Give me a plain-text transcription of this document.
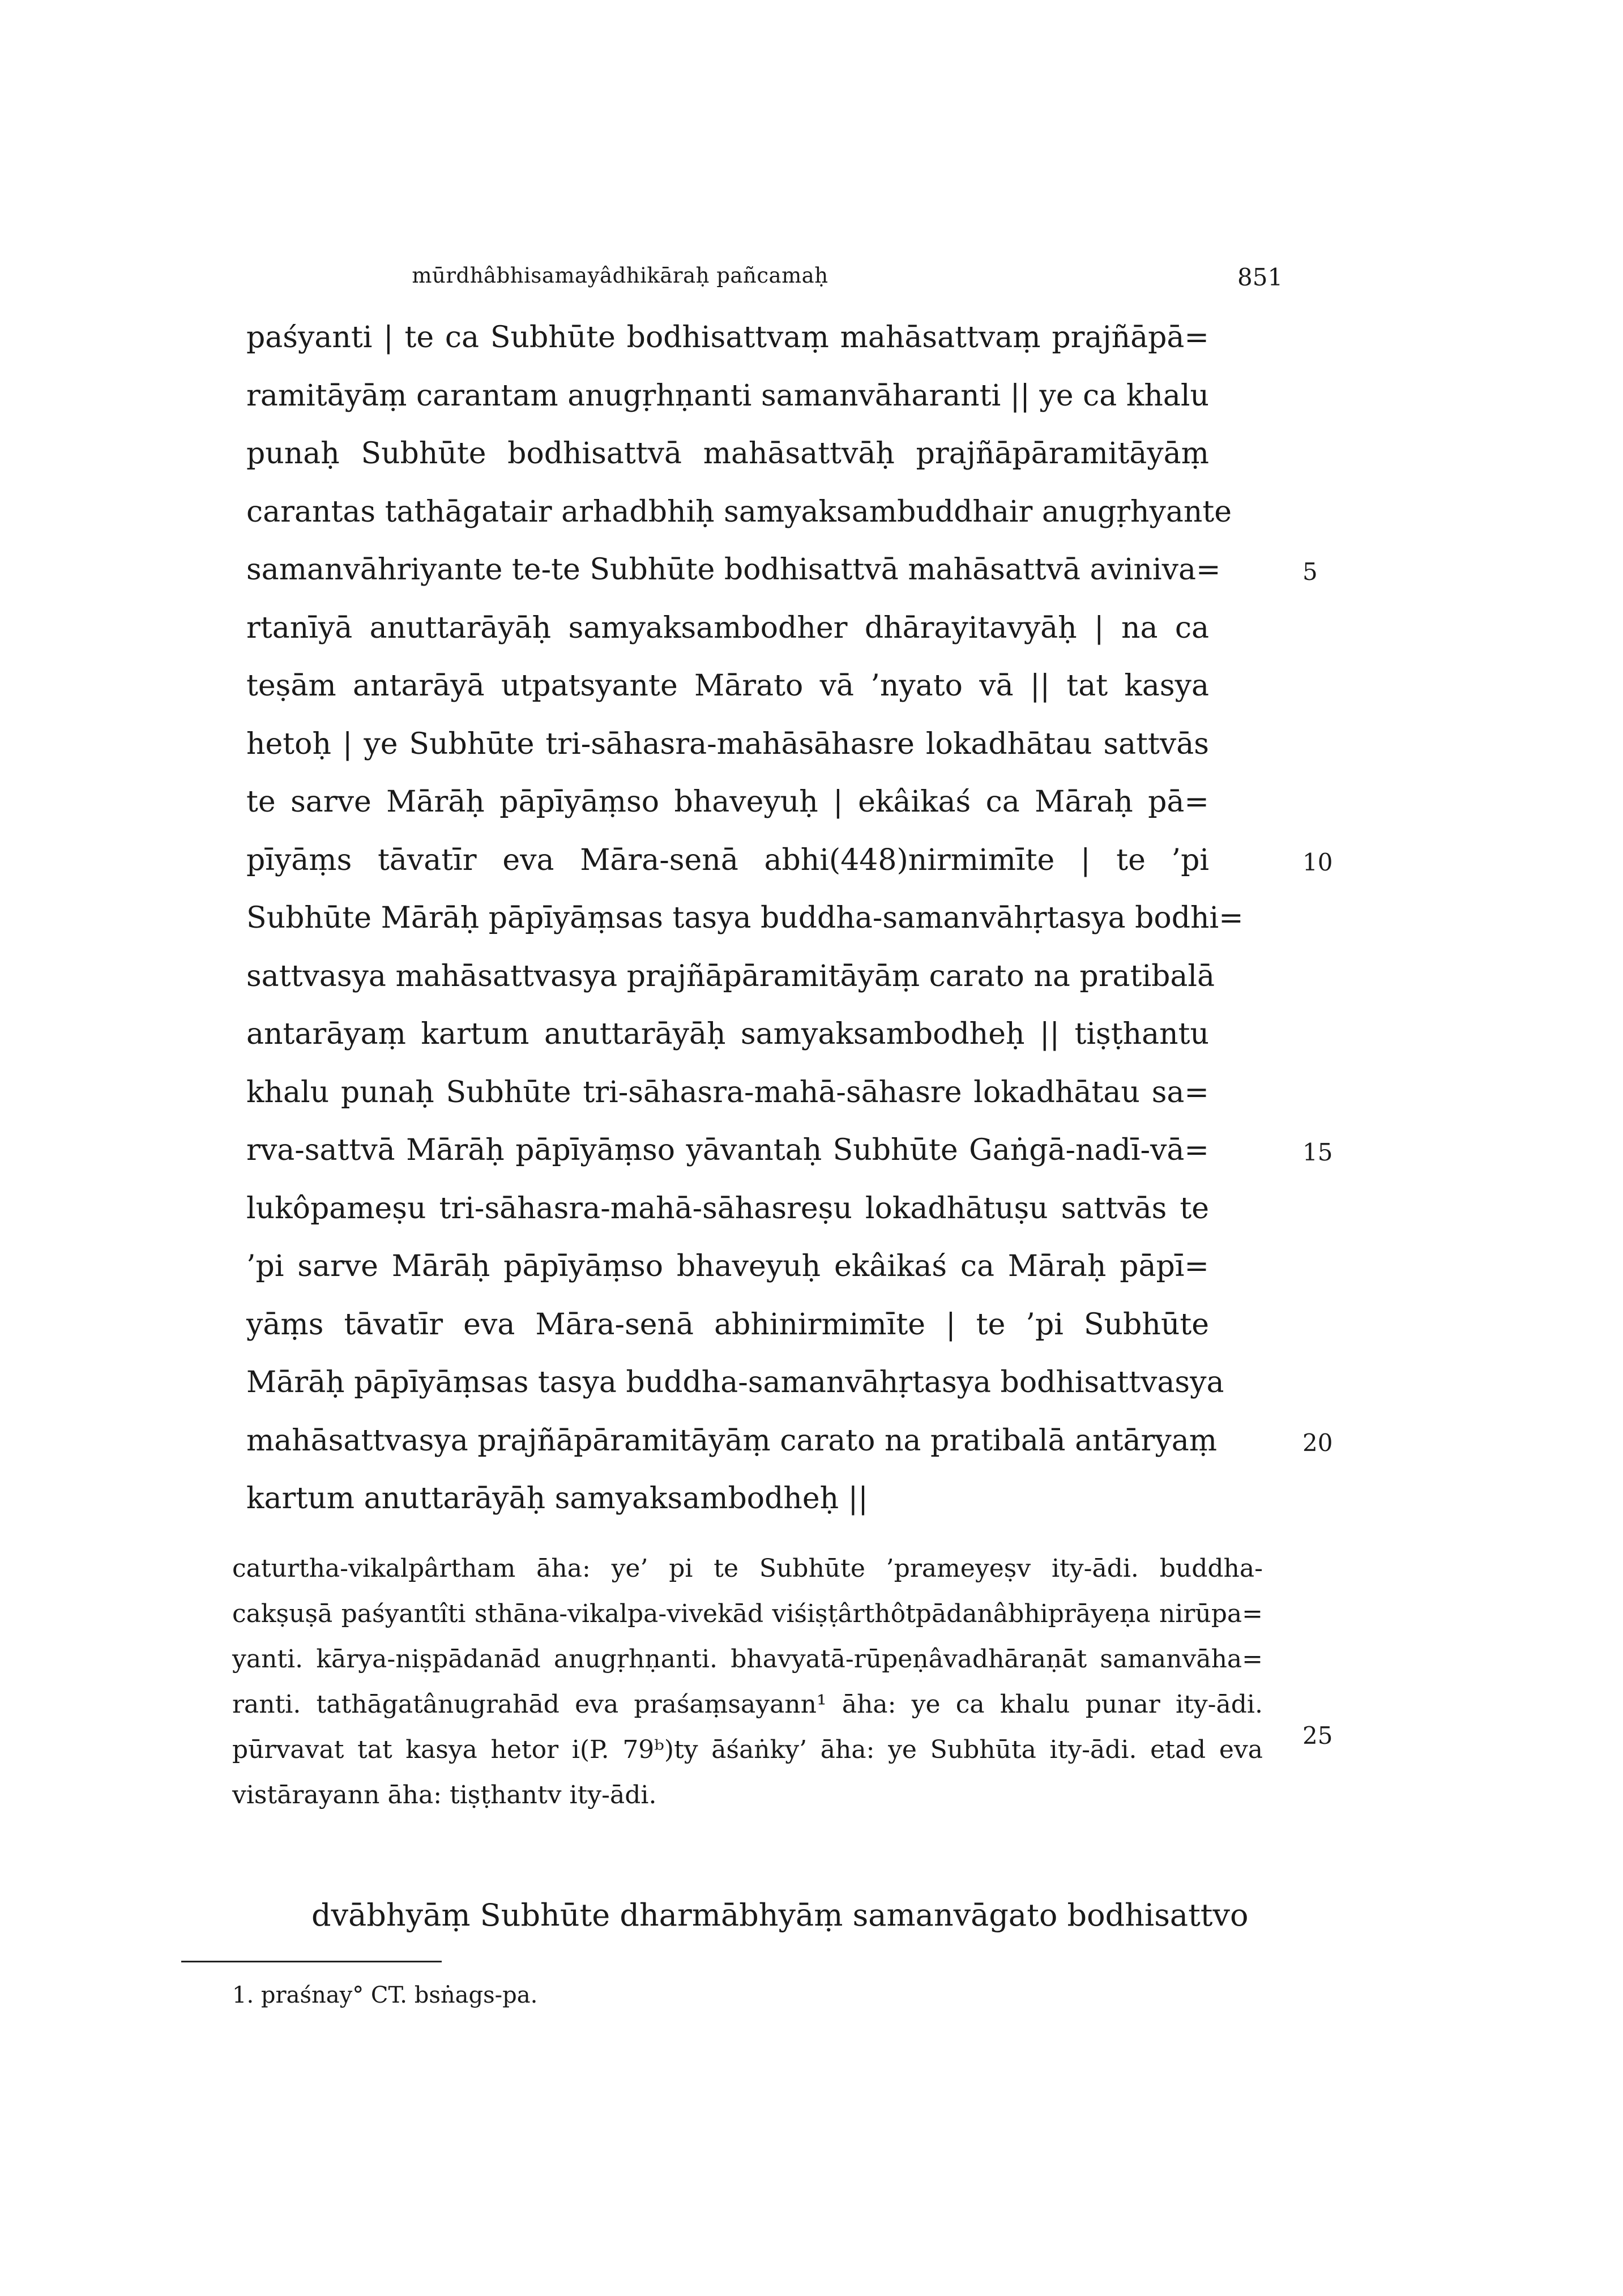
mūrdhâbhisamayâdhikāraḥ pañcamaḥ	851
paśyanti | te ca Subhūte bodhisattvaṃ mahāsattvaṃ prajñāpā=
ramitāyāṃ carantam anugṛhṇanti samanvāharanti || ye ca khalu
punaḥ Subhūte bodhisattvā mahāsattvāḥ prajñāpāramitāyāṃ
carantas tathāgatair arhadbhiḥ samyaksambuddhair anugṛhyante
samanvāhriyante te-te Subhūte bodhisattvā mahāsattvā aviniva=
rtanīyā anuttarāyāḥ samyaksambodher dhārayitavyāḥ | na ca
teṣām antarāyā utpatsyante Mārato vā ’nyato vā || tat kasya
hetoḥ | ye Subhūte tri-sāhasra-mahāsāhasre lokadhātau sattvās
te sarve Mārāḥ pāpīyāṃso bhaveyuḥ | ekâikaś ca Māraḥ pā=
pīyāṃs tāvatīr eva Māra-senā abhi(448)nirmimīte | te ’pi
Subhūte Mārāḥ pāpīyāṃsas tasya buddha-samanvāhṛtasya bodhi=
sattvasya mahāsattvasya prajñāpāramitāyāṃ carato na pratibalā
antarāyaṃ kartum anuttarāyāḥ samyaksambodheḥ || tiṣṭhantu
khalu punaḥ Subhūte tri-sāhasra-mahā-sāhasre lokadhātau sa=
rva-sattvā Mārāḥ pāpīyāṃso yāvantaḥ Subhūte Gaṅgā-nadī-vā=
lukôpameṣu tri-sāhasra-mahā-sāhasreṣu lokadhātuṣu sattvās te
’pi sarve Mārāḥ pāpīyāṃso bhaveyuḥ ekâikaś ca Māraḥ pāpī=
yāṃs tāvatīr eva Māra-senā abhinirmimīte | te ’pi Subhūte
Mārāḥ pāpīyāṃsas tasya buddha-samanvāhṛtasya bodhisattvasya
mahāsattvasya prajñāpāramitāyāṃ carato na pratibalā antāryaṃ
kartum anuttarāyāḥ samyaksambodheḥ ||
5
10
15
20
caturtha-vikalpârtham āha: ye’ pi te Subhūte ’prameyeṣv ity-ādi. buddha-
cakṣuṣā paśyantîti sthāna-vikalpa-vivekād viśiṣṭârthôtpādanâbhiprāyeṇa nirūpa=
yanti. kārya-niṣpādanād anugṛhṇanti. bhavyatā-rūpeṇâvadhāraṇāt samanvāha=
ranti. tathāgatânugrahād eva praśaṃsayann¹ āha: ye ca khalu punar ity-ādi.
pūrvavat tat kasya hetor i(P. 79ᵇ)ty āśaṅky’ āha: ye Subhūta ity-ādi. etad eva
vistārayann āha: tiṣṭhantv ity-ādi.
25
dvābhyāṃ Subhūte dharmābhyāṃ samanvāgato bodhisattvo
1. praśnay° CT. bsṅags-pa.
